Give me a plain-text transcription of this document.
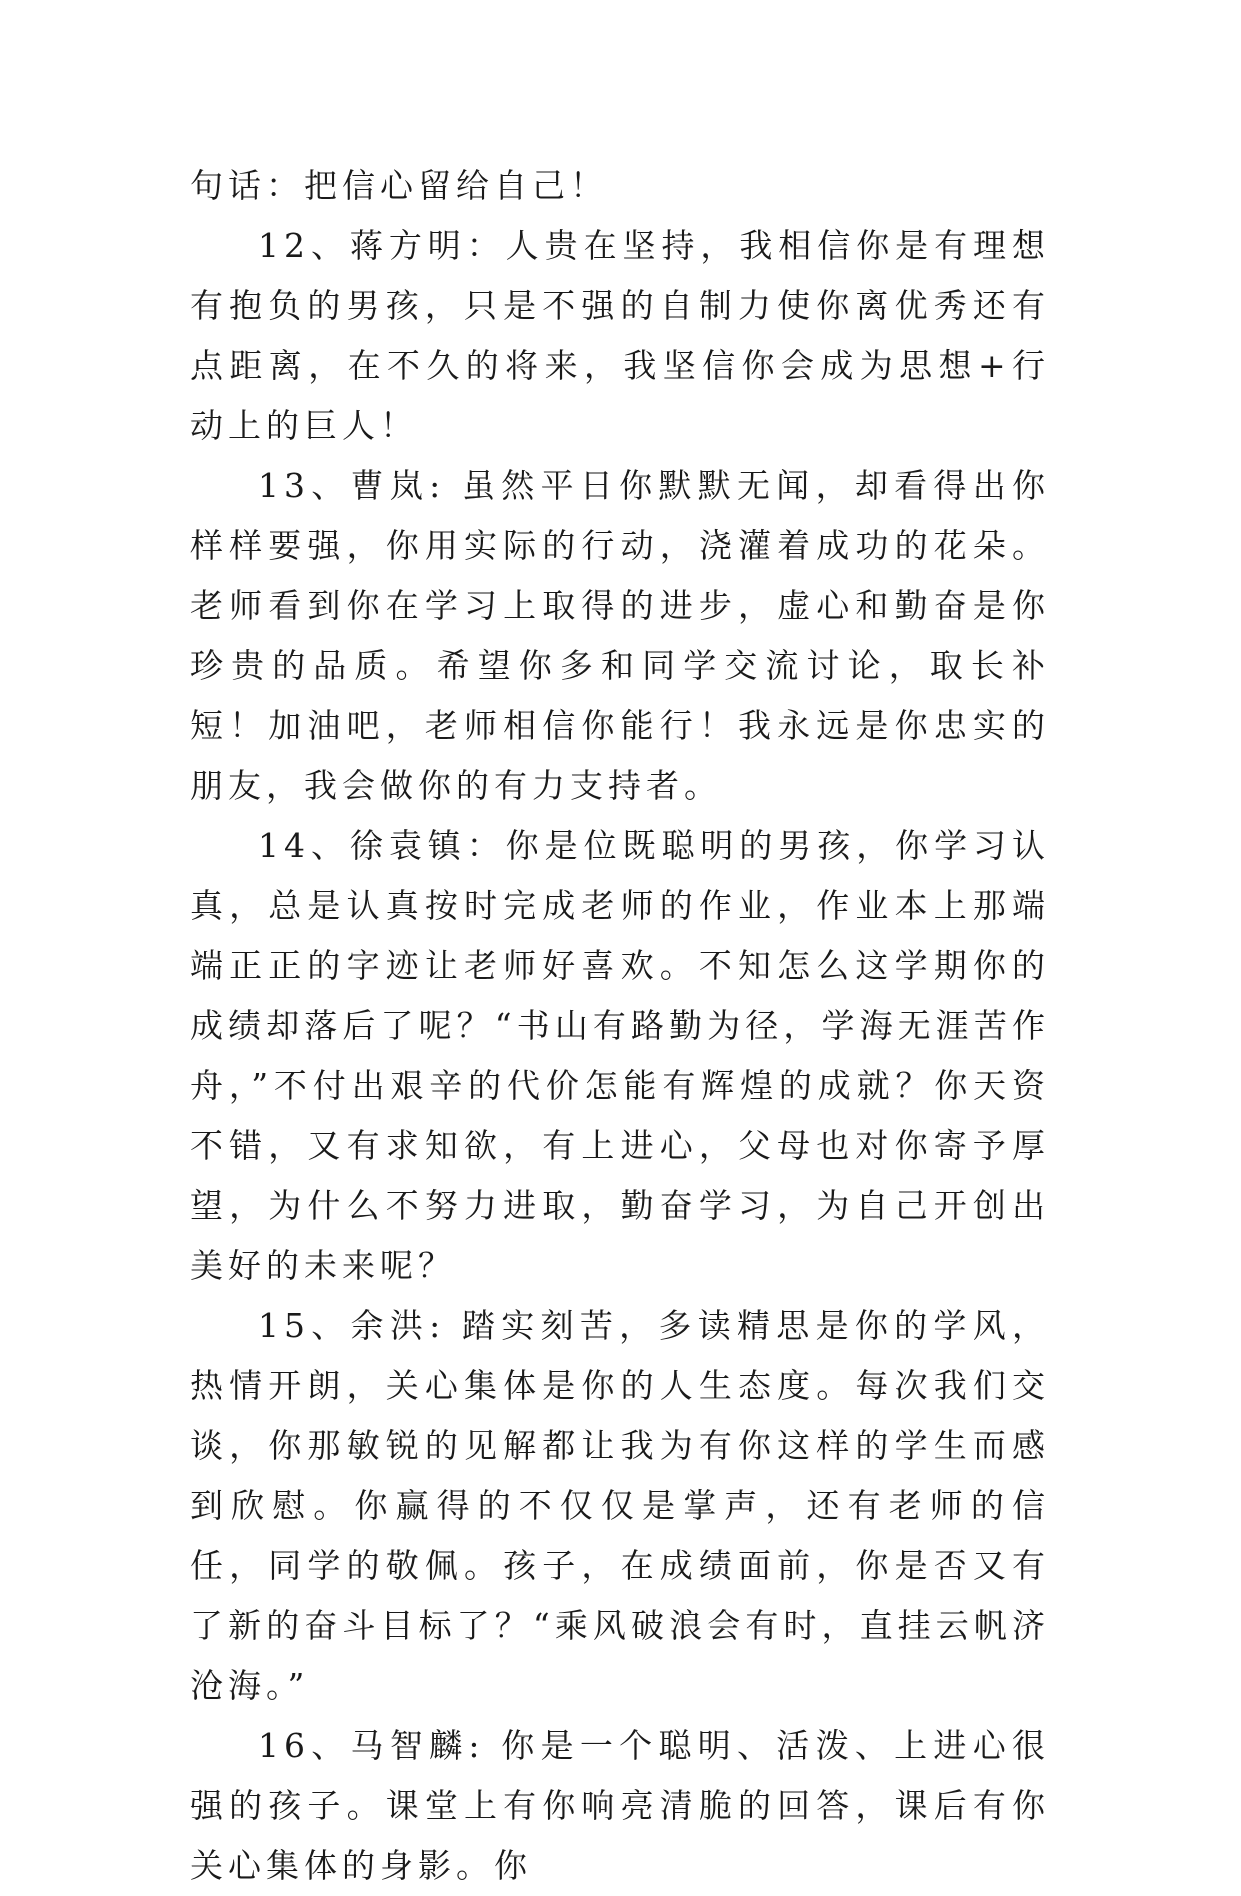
句话：把信心留给自己！

12、蒋方明：人贵在坚持，我相信你是有理想有抱负的男孩，只是不强的自制力使你离优秀还有点距离，在不久的将来，我坚信你会成为思想+行动上的巨人！

13、曹岚: 虽然平日你默默无闻，却看得出你样样要强，你用实际的行动，浇灌着成功的花朵。老师看到你在学习上取得的进步，虚心和勤奋是你珍贵的品质。希望你多和同学交流讨论，取长补短！加油吧，老师相信你能行！我永远是你忠实的朋友，我会做你的有力支持者。

14、徐袁镇：你是位既聪明的男孩，你学习认真，总是认真按时完成老师的作业，作业本上那端端正正的字迹让老师好喜欢。不知怎么这学期你的成绩却落后了呢？“书山有路勤为径，学海无涯苦作舟，”不付出艰辛的代价怎能有辉煌的成就？你天资不错，又有求知欲，有上进心，父母也对你寄予厚望，为什么不努力进取，勤奋学习，为自己开创出美好的未来呢？

15、余洪: 踏实刻苦，多读精思是你的学风，热情开朗，关心集体是你的人生态度。每次我们交谈，你那敏锐的见解都让我为有你这样的学生而感到欣慰。你赢得的不仅仅是掌声，还有老师的信任，同学的敬佩。孩子，在成绩面前，你是否又有了新的奋斗目标了？“乘风破浪会有时，直挂云帆济沧海。”

16、马智麟: 你是一个聪明、活泼、上进心很强的孩子。课堂上有你响亮清脆的回答，课后有你关心集体的身影。你
